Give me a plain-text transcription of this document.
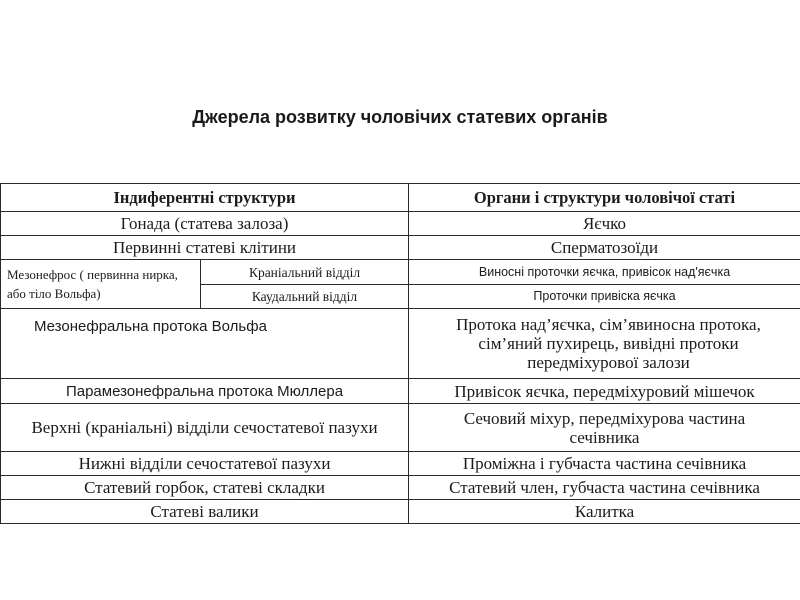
Джерела розвитку чоловічих статевих органів
Індиферентні структури		Органи і структури чоловічої статі
Гонада (статева залоза)		Яєчко
Первинні статеві клітини		Сперматозоїди
Мезонефрос ( первинна нирка, або тіло Вольфа)	Краніальний відділ	Виносні проточки яєчка, привісок над'яєчка
	Каудальний відділ	Проточки привіска яєчка
Мезонефральна протока Вольфа		Протока над’яєчка, сім’явиносна протока, сім’яний пухирець, вивідні протоки передміхурової залози
Парамезонефральна протока Мюллера		Привісок яєчка, передміхуровий мішечок
Верхні (краніальні) відділи сечостатевої пазухи		Сечовий міхур, передміхурова частина сечівника
Нижні відділи сечостатевої пазухи		Проміжна і губчаста частина сечівника
Статевий горбок, статеві складки		Статевий член, губчаста частина сечівника
Статеві валики		Калитка
